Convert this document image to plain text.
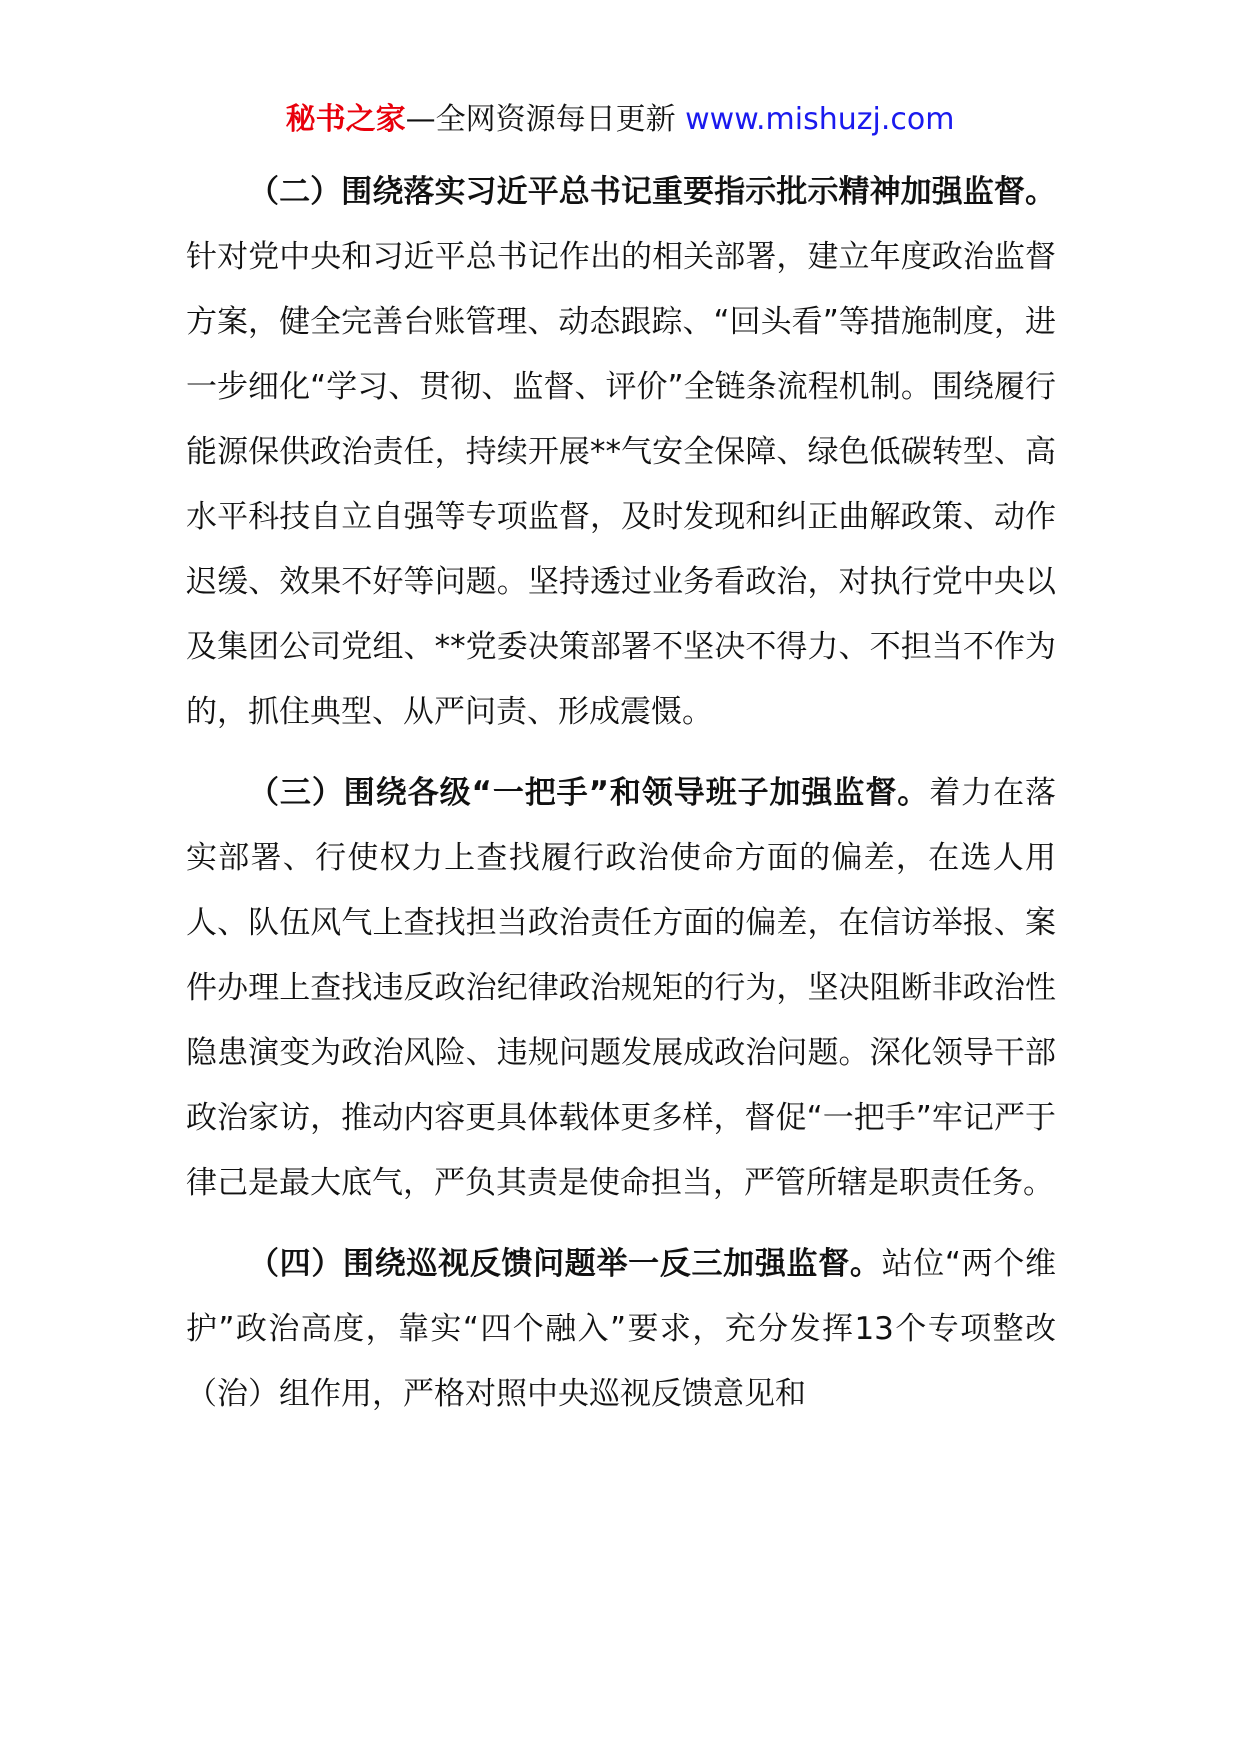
秘书之家—全网资源每日更新 www.mishuzj.com

（二）围绕落实习近平总书记重要指示批示精神加强监督。针对党中央和习近平总书记作出的相关部署，建立年度政治监督方案，健全完善台账管理、动态跟踪、“回头看”等措施制度，进一步细化“学习、贯彻、监督、评价”全链条流程机制。围绕履行能源保供政治责任，持续开展**气安全保障、绿色低碳转型、高水平科技自立自强等专项监督，及时发现和纠正曲解政策、动作迟缓、效果不好等问题。坚持透过业务看政治，对执行党中央以及集团公司党组、**党委决策部署不坚决不得力、不担当不作为的，抓住典型、从严问责、形成震慑。

（三）围绕各级“一把手”和领导班子加强监督。着力在落实部署、行使权力上查找履行政治使命方面的偏差，在选人用人、队伍风气上查找担当政治责任方面的偏差，在信访举报、案件办理上查找违反政治纪律政治规矩的行为，坚决阻断非政治性隐患演变为政治风险、违规问题发展成政治问题。深化领导干部政治家访，推动内容更具体载体更多样，督促“一把手”牢记严于律己是最大底气，严负其责是使命担当，严管所辖是职责任务。

（四）围绕巡视反馈问题举一反三加强监督。站位“两个维护”政治高度，靠实“四个融入”要求，充分发挥13个专项整改（治）组作用，严格对照中央巡视反馈意见和
